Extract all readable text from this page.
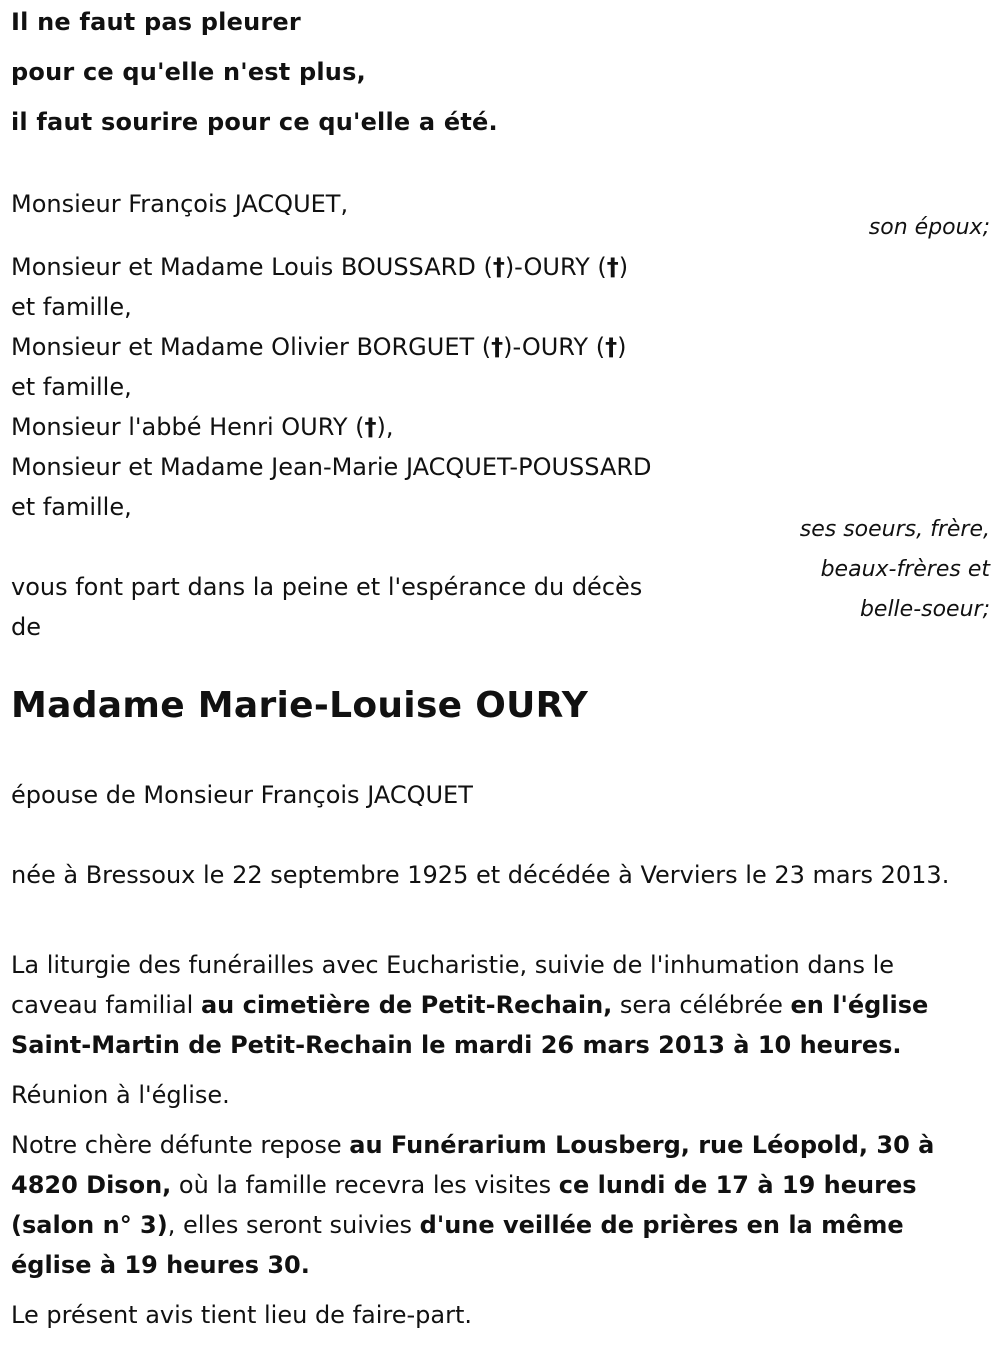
Il ne faut pas pleurer
pour ce qu'elle n'est plus,
il faut sourire pour ce qu'elle a été.
Monsieur François JACQUET,
son époux;
Monsieur et Madame Louis BOUSSARD (†)-OURY (†)
et famille,
Monsieur et Madame Olivier BORGUET (†)-OURY (†)
et famille,
Monsieur l'abbé Henri OURY (†),
Monsieur et Madame Jean-Marie JACQUET-POUSSARD
et famille,
ses soeurs, frère,
beaux-frères et
belle-soeur;
vous font part dans la peine et l'espérance du décès
de
Madame Marie-Louise OURY
épouse de Monsieur François JACQUET
née à Bressoux le 22 septembre 1925 et décédée à Verviers le 23 mars 2013.
La liturgie des funérailles avec Eucharistie, suivie de l'inhumation dans le caveau familial au cimetière de Petit-Rechain, sera célébrée en l'église Saint-Martin de Petit-Rechain le mardi 26 mars 2013 à 10 heures.
Réunion à l'église.
Notre chère défunte repose au Funérarium Lousberg, rue Léopold, 30 à 4820 Dison, où la famille recevra les visites ce lundi de 17 à 19 heures (salon n° 3), elles seront suivies d'une veillée de prières en la même église à 19 heures 30.
Le présent avis tient lieu de faire-part.
